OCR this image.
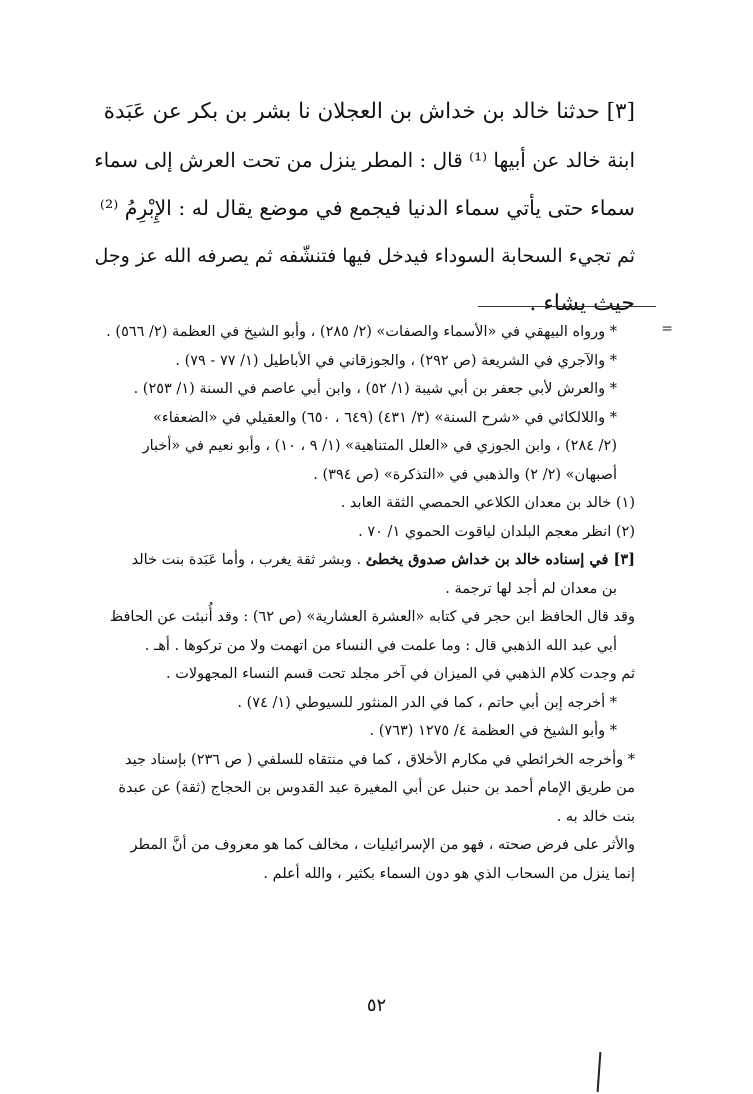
[٣] حدثنا خالد بن خداش بن العجلان نا بشر بن بكر عن عَبَدة

ابنة خالد عن أبيها ⁽¹⁾ قال : المطر ينزل من تحت العرش إلى سماء

سماء حتى يأتي سماء الدنيا فيجمع في موضع يقال له : الإِبْرِمُ ⁽²⁾

ثم تجيء السحابة السوداء فيدخل فيها فتنشّفه ثم يصرفه الله عز وجل

حيث يشاء .

=
* ورواه البيهقي في «الأسماء والصفات» (٢/ ٢٨٥) ، وأبو الشيخ في العظمة (٢/ ٥٦٦) .
* والآجري في الشريعة (ص ٢٩٢) ، والجوزقاني في الأباطيل (١/ ٧٧ - ٧٩) .
* والعرش لأبي جعفر بن أبي شيبة (١/ ٥٢) ، وابن أبي عاصم في السنة (١/ ٢٥٣) .
* واللالكائي في «شرح السنة» (٣/ ٤٣١) (٦٤٩ ، ٦٥٠) والعقيلي في «الضعفاء»
(٢/ ٢٨٤) ، وابن الجوزي في «العلل المتناهية» (١/ ٩ ، ١٠) ، وأبو نعيم في «أخبار
أصبهان» (٢/ ٢) والذهبي في «التذكرة» (ص ٣٩٤) .
(١) خالد بن معدان الكلاعي الحمصي الثقة العابد .
(٢) انظر معجم البلدان لياقوت الحموي ١/ ٧٠ .
[٣] في إسناده خالد بن خداش صدوق يخطئ . وبشر ثقة يغرب ، وأما عَبَدة بنت خالد
بن معدان لم أجد لها ترجمة .
وقد قال الحافظ ابن حجر في كتابه «العشرة العشارية» (ص ٦٢) : وقد أُنبئت عن الحافظ
أبي عبد الله الذهبي قال : وما علمت في النساء من اتهمت ولا من تركوها . أهـ .
ثم وجدت كلام الذهبي في الميزان في آخر مجلد تحت قسم النساء المجهولات .
* أخرجه إبن أبي حاتم ، كما في الدر المنثور للسيوطي (١/ ٧٤) .
* وأبو الشيخ في العظمة ٤/ ١٢٧٥ (٧٦٣) .
* وأخرجه الخرائطي في مكارم الأخلاق ، كما في منتقاه للسلفي ( ص ٢٣٦) بإسناد جيد
من طريق الإمام أحمد بن حنبل عن أبي المغيرة عبد القدوس بن الحجاج (ثقة) عن عبدة
بنت خالد به .
والأثر على فرض صحته ، فهو من الإسرائيليات ، مخالف كما هو معروف من أنَّ المطر
إنما ينزل من السحاب الذي هو دون السماء بكثير ، والله أعلم .
٥٢
